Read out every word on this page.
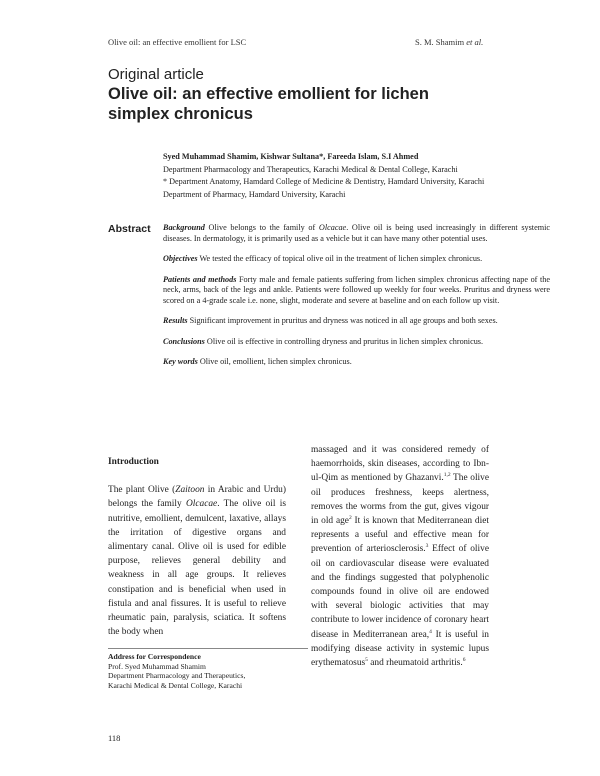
Olive oil: an effective emollient for LSC	S. M. Shamim et al.
Original article
Olive oil: an effective emollient for lichen
simplex chronicus
Syed Muhammad Shamim, Kishwar Sultana*, Fareeda Islam, S.I Ahmed

Department Pharmacology and Therapeutics, Karachi Medical & Dental College, Karachi

* Department Anatomy, Hamdard College of Medicine & Dentistry, Hamdard University, Karachi

Department of Pharmacy, Hamdard University, Karachi

Abstract Background Olive belongs to the family of Olcacae. Olive oil is being used increasingly in different systemic diseases. In dermatology, it is primarily used as a vehicle but it can have many other potential uses.

Objectives We tested the efficacy of topical olive oil in the treatment of lichen simplex chronicus.

Patients and methods Forty male and female patients suffering from lichen simplex chronicus affecting nape of the neck, arms, back of the legs and ankle. Patients were followed up weekly for four weeks. Pruritus and dryness were scored on a 4-grade scale i.e. none, slight, moderate and severe at baseline and on each follow up visit.

Results Significant improvement in pruritus and dryness was noticed in all age groups and both sexes.

Conclusions Olive oil is effective in controlling dryness and pruritus in lichen simplex chronicus.

Key words Olive oil, emollient, lichen simplex chronicus.

Introduction

The plant Olive (Zaitoon in Arabic and Urdu) belongs the family Olcacae. The olive oil is nutritive, emollient, demulcent, laxative, allays the irritation of digestive organs and alimentary canal. Olive oil is used for edible purpose, relieves general debility and weakness in all age groups. It relieves constipation and is beneficial when used in fistula and anal fissures. It is useful to relieve rheumatic pain, paralysis, sciatica. It softens the body when

massaged and it was considered remedy of haemorrhoids, skin diseases, according to Ibn-ul-Qim as mentioned by Ghazanvi.$^{1,2}$ The olive oil produces freshness, keeps alertness, removes the worms from the gut, gives vigour in old age$^2$ It is known that Mediterranean diet represents a useful and effective mean for prevention of arteriosclerosis.$^3$ Effect of olive oil on cardiovascular disease were evaluated and the findings suggested that polyphenolic compounds found in olive oil are endowed with several biologic activities that may contribute to lower incidence of coronary heart disease in Mediterranean area,$^4$ It is useful in modifying disease activity in systemic lupus erythematosus$^5$ and rheumatoid arthritis.$^6$

Address for Correspondence
Prof. Syed Muhammad Shamim
Department Pharmacology and Therapeutics,
Karachi Medical & Dental College, Karachi
118
